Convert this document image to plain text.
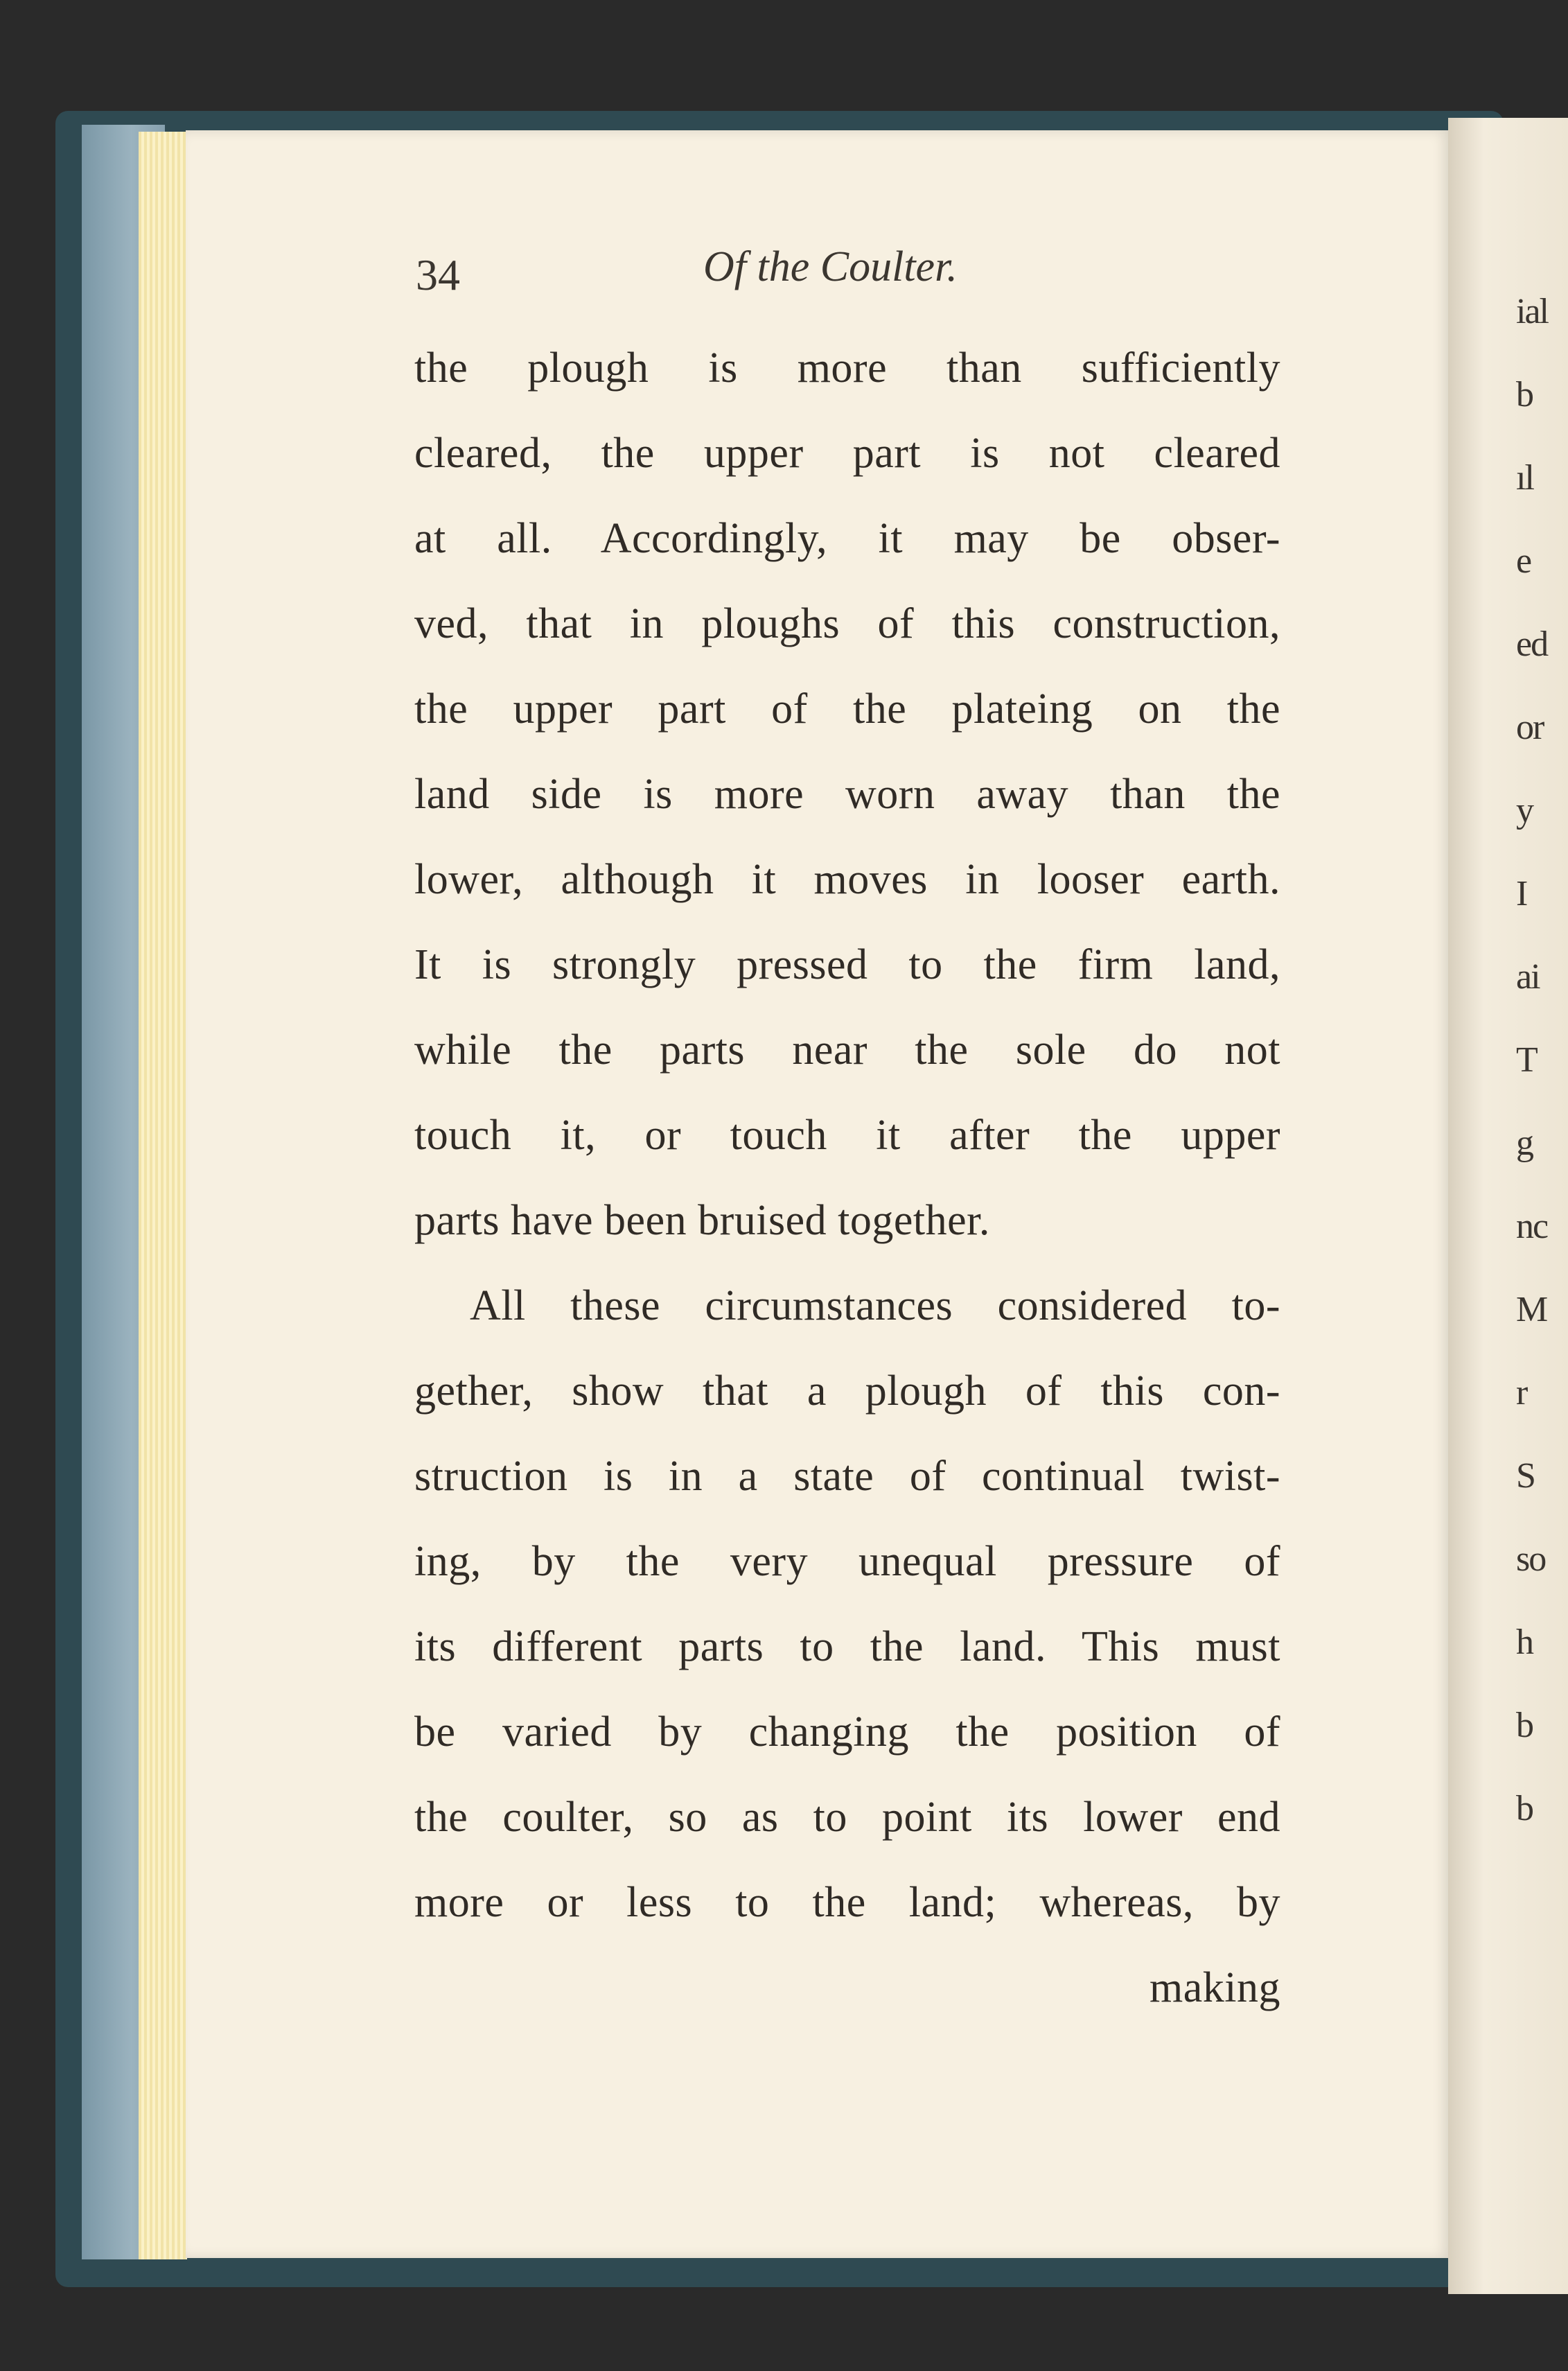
34	Of the Coulter.
the plough is more than sufficiently
cleared, the upper part is not cleared
at all. Accordingly, it may be obser-
ved, that in ploughs of this construction,
the upper part of the plateing on the
land side is more worn away than the
lower, although it moves in looser earth.
It is strongly pressed to the firm land,
while the parts near the sole do not
touch it, or touch it after the upper
parts have been bruised together.
All these circumstances considered to-
gether, show that a plough of this con-
struction is in a state of continual twist-
ing, by the very unequal pressure of
its different parts to the land. This must
be varied by changing the position of
the coulter, so as to point its lower end
more or less to the land; whereas, by
making
ial
b
ıl
e
ed
or
y
I
ai
T
g
nc
M
r
S
so
h
b
b
